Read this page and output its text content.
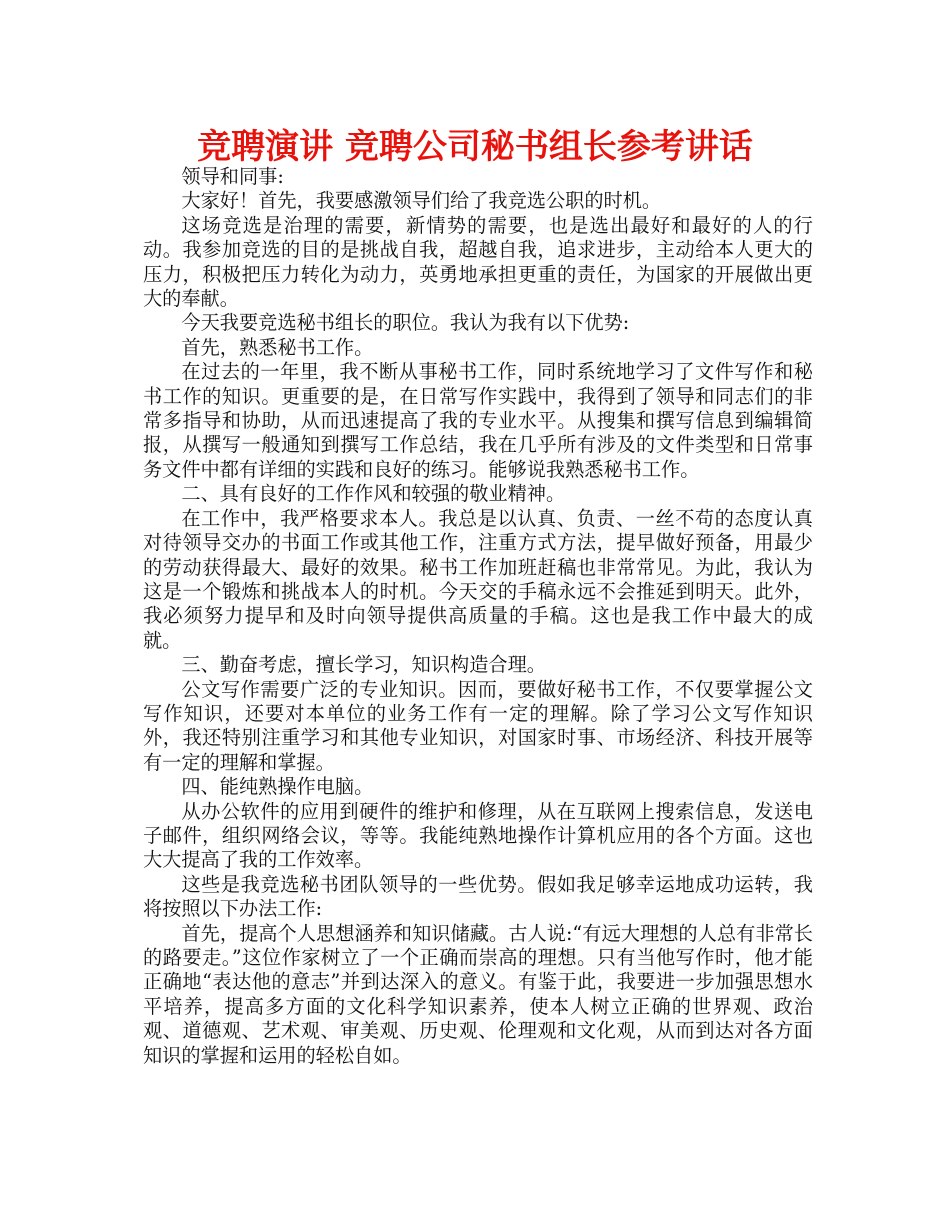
竞聘演讲 竞聘公司秘书组长参考讲话

领导和同事:

大家好！首先，我要感激领导们给了我竞选公职的时机。

这场竞选是治理的需要，新情势的需要，也是选出最好和最好的人的行动。我参加竞选的目的是挑战自我，超越自我，追求进步，主动给本人更大的压力，积极把压力转化为动力，英勇地承担更重的责任，为国家的开展做出更大的奉献。

今天我要竞选秘书组长的职位。我认为我有以下优势:

首先，熟悉秘书工作。

在过去的一年里，我不断从事秘书工作，同时系统地学习了文件写作和秘书工作的知识。更重要的是，在日常写作实践中，我得到了领导和同志们的非常多指导和协助，从而迅速提高了我的专业水平。从搜集和撰写信息到编辑简报，从撰写一般通知到撰写工作总结，我在几乎所有涉及的文件类型和日常事务文件中都有详细的实践和良好的练习。能够说我熟悉秘书工作。

二、具有良好的工作作风和较强的敬业精神。

在工作中，我严格要求本人。我总是以认真、负责、一丝不苟的态度认真对待领导交办的书面工作或其他工作，注重方式方法，提早做好预备，用最少的劳动获得最大、最好的效果。秘书工作加班赶稿也非常常见。为此，我认为这是一个锻炼和挑战本人的时机。今天交的手稿永远不会推延到明天。此外，我必须努力提早和及时向领导提供高质量的手稿。这也是我工作中最大的成就。

三、勤奋考虑，擅长学习，知识构造合理。

公文写作需要广泛的专业知识。因而，要做好秘书工作，不仅要掌握公文写作知识，还要对本单位的业务工作有一定的理解。除了学习公文写作知识外，我还特别注重学习和其他专业知识，对国家时事、市场经济、科技开展等有一定的理解和掌握。

四、能纯熟操作电脑。

从办公软件的应用到硬件的维护和修理，从在互联网上搜索信息，发送电子邮件，组织网络会议，等等。我能纯熟地操作计算机应用的各个方面。这也大大提高了我的工作效率。

这些是我竞选秘书团队领导的一些优势。假如我足够幸运地成功运转，我将按照以下办法工作:

首先，提高个人思想涵养和知识储藏。古人说:“有远大理想的人总有非常长的路要走。”这位作家树立了一个正确而崇高的理想。只有当他写作时，他才能正确地“表达他的意志”并到达深入的意义。有鉴于此，我要进一步加强思想水平培养，提高多方面的文化科学知识素养，使本人树立正确的世界观、政治观、道德观、艺术观、审美观、历史观、伦理观和文化观，从而到达对各方面知识的掌握和运用的轻松自如。
